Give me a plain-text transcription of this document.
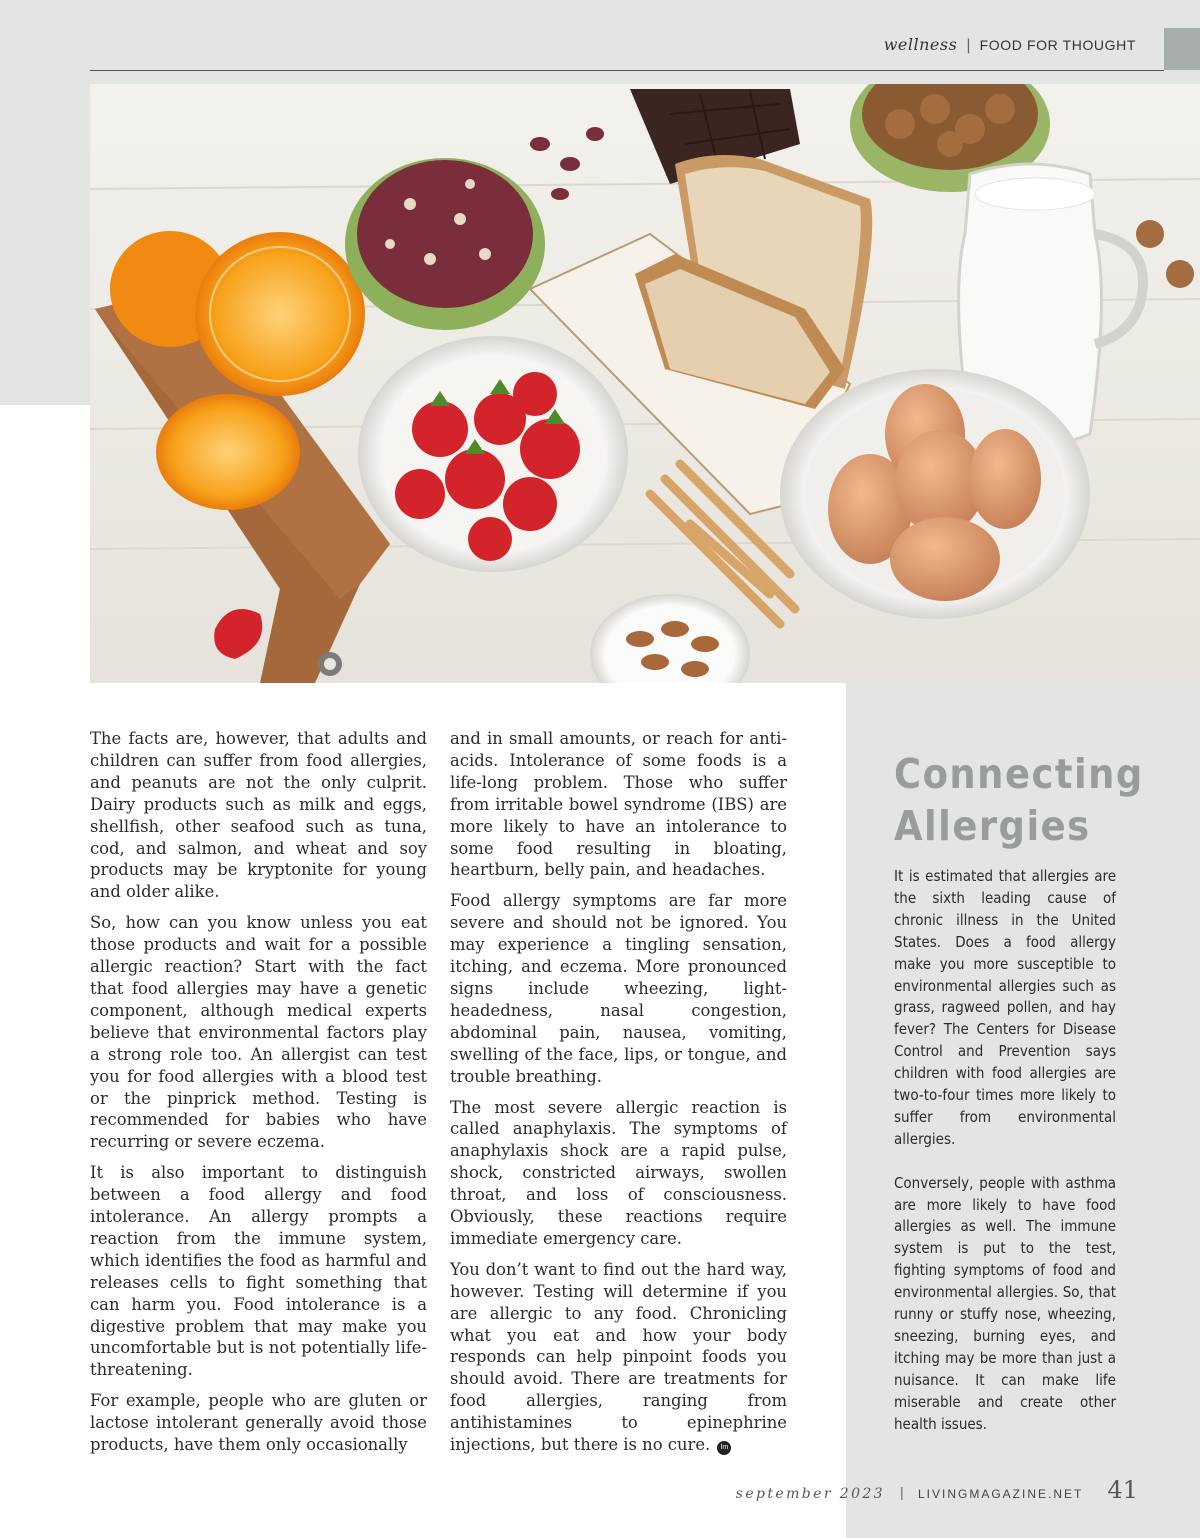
wellness | FOOD FOR THOUGHT

The facts are, however, that adults and children can suffer from food allergies, and peanuts are not the only culprit. Dairy products such as milk and eggs, shellfish, other seafood such as tuna, cod, and salmon, and wheat and soy products may be kryptonite for young and older alike.

So, how can you know unless you eat those products and wait for a possible allergic reaction? Start with the fact that food allergies may have a genetic component, although medical experts believe that environmental factors play a strong role too. An allergist can test you for food allergies with a blood test or the pinprick method. Testing is recommended for babies who have recurring or severe eczema.

It is also important to distinguish between a food allergy and food intolerance. An allergy prompts a reaction from the immune system, which identifies the food as harmful and releases cells to fight something that can harm you. Food intolerance is a digestive problem that may make you uncomfortable but is not potentially life-threatening.

For example, people who are gluten or lactose intolerant generally avoid those products, have them only occasionally

and in small amounts, or reach for anti-acids. Intolerance of some foods is a life-long problem. Those who suffer from irritable bowel syndrome (IBS) are more likely to have an intolerance to some food resulting in bloating, heartburn, belly pain, and headaches.

Food allergy symptoms are far more severe and should not be ignored. You may experience a tingling sensation, itching, and eczema. More pronounced signs include wheezing, light-headedness, nasal congestion, abdominal pain, nausea, vomiting, swelling of the face, lips, or tongue, and trouble breathing.

The most severe allergic reaction is called anaphylaxis. The symptoms of anaphylaxis shock are a rapid pulse, shock, constricted airways, swollen throat, and loss of consciousness. Obviously, these reactions require immediate emergency care.

You don’t want to find out the hard way, however. Testing will determine if you are allergic to any food. Chronicling what you eat and how your body responds can help pinpoint foods you should avoid. There are treatments for food allergies, ranging from antihistamines to epinephrine injections, but there is no cure. lm

Connecting
Allergies

It is estimated that allergies are the sixth leading cause of chronic illness in the United States. Does a food allergy make you more susceptible to environmental allergies such as grass, ragweed pollen, and hay fever? The Centers for Disease Control and Prevention says children with food allergies are two-to-four times more likely to suffer from environmental allergies.

Conversely, people with asthma are more likely to have food allergies as well. The immune system is put to the test, fighting symptoms of food and environmental allergies. So, that runny or stuffy nose, wheezing, sneezing, burning eyes, and itching may be more than just a nuisance. It can make life miserable and create other health issues.

september 2023 | LIVINGMAGAZINE.NET 41
